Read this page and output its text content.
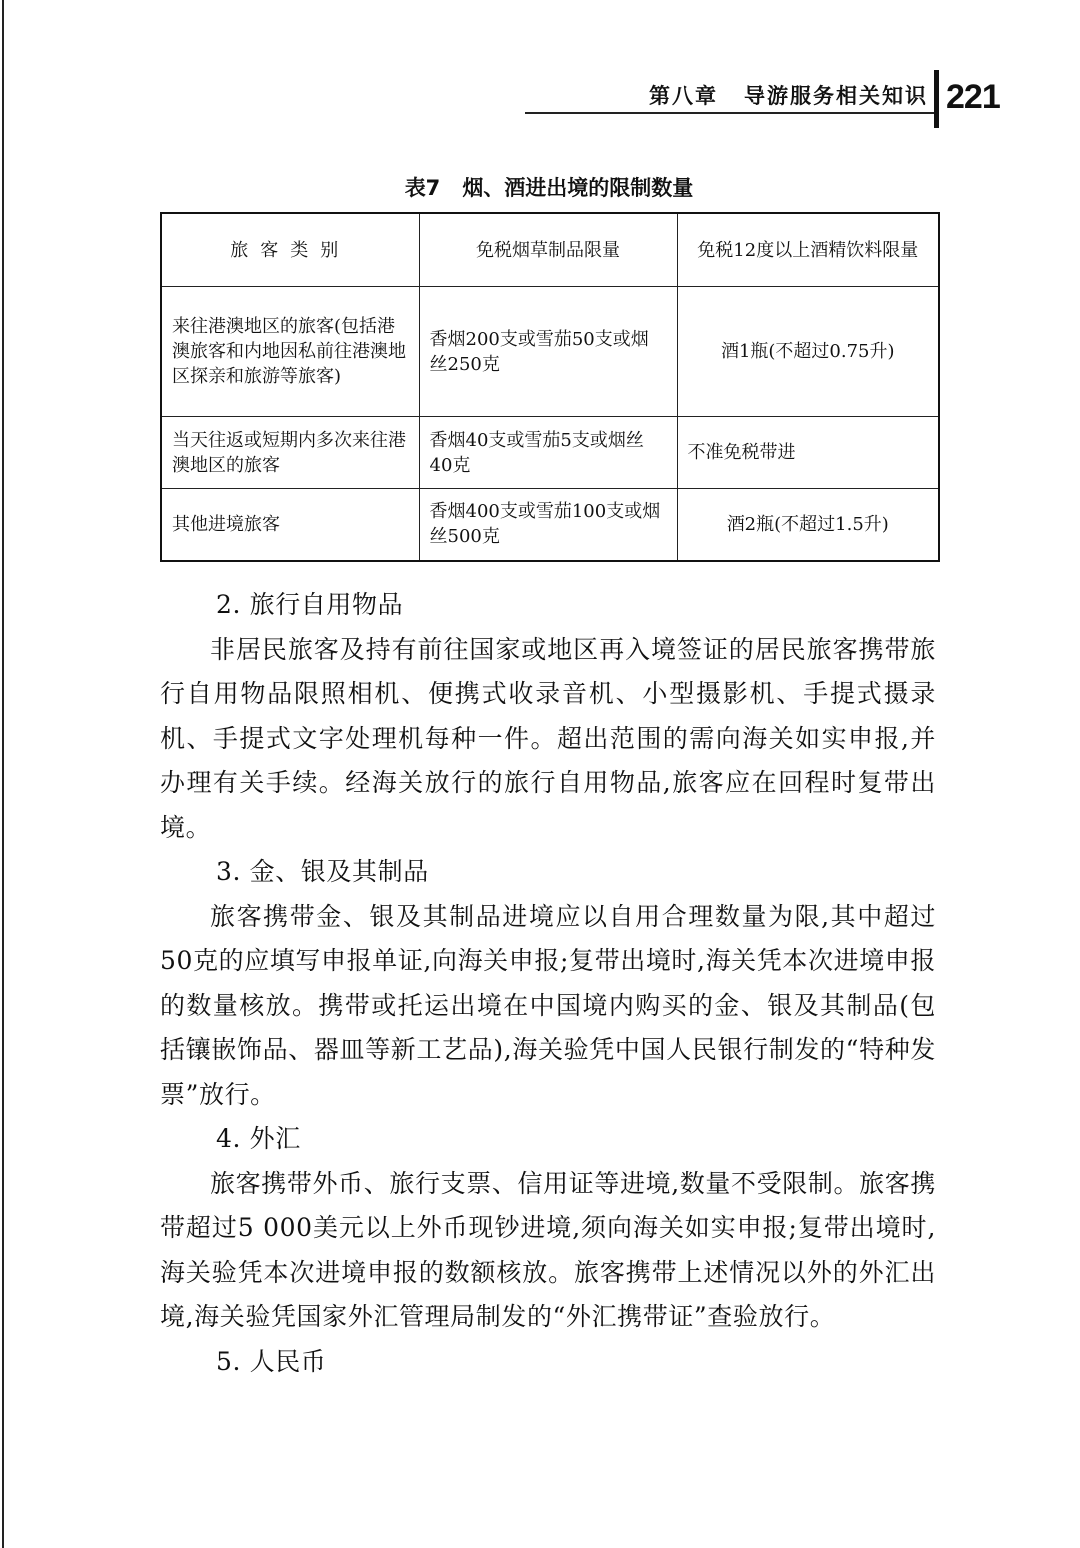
第八章 导游服务相关知识 221
表7 烟、酒进出境的限制数量
旅客类别	免税烟草制品限量	免税12度以上酒精饮料限量
来往港澳地区的旅客(包括港澳旅客和内地因私前往港澳地区探亲和旅游等旅客)	香烟200支或雪茄50支或烟丝250克	酒1瓶(不超过0.75升)
当天往返或短期内多次来往港澳地区的旅客	香烟40支或雪茄5支或烟丝40克	不准免税带进
其他进境旅客	香烟400支或雪茄100支或烟丝500克	酒2瓶(不超过1.5升)
2. 旅行自用物品

非居民旅客及持有前往国家或地区再入境签证的居民旅客携带旅行自用物品限照相机、便携式收录音机、小型摄影机、手提式摄录机、手提式文字处理机每种一件。超出范围的需向海关如实申报,并办理有关手续。经海关放行的旅行自用物品,旅客应在回程时复带出境。

3. 金、银及其制品

旅客携带金、银及其制品进境应以自用合理数量为限,其中超过50克的应填写申报单证,向海关申报;复带出境时,海关凭本次进境申报的数量核放。携带或托运出境在中国境内购买的金、银及其制品(包括镶嵌饰品、器皿等新工艺品),海关验凭中国人民银行制发的“特种发票”放行。

4. 外汇

旅客携带外币、旅行支票、信用证等进境,数量不受限制。旅客携带超过5 000美元以上外币现钞进境,须向海关如实申报;复带出境时,海关验凭本次进境申报的数额核放。旅客携带上述情况以外的外汇出境,海关验凭国家外汇管理局制发的“外汇携带证”查验放行。

5. 人民币
